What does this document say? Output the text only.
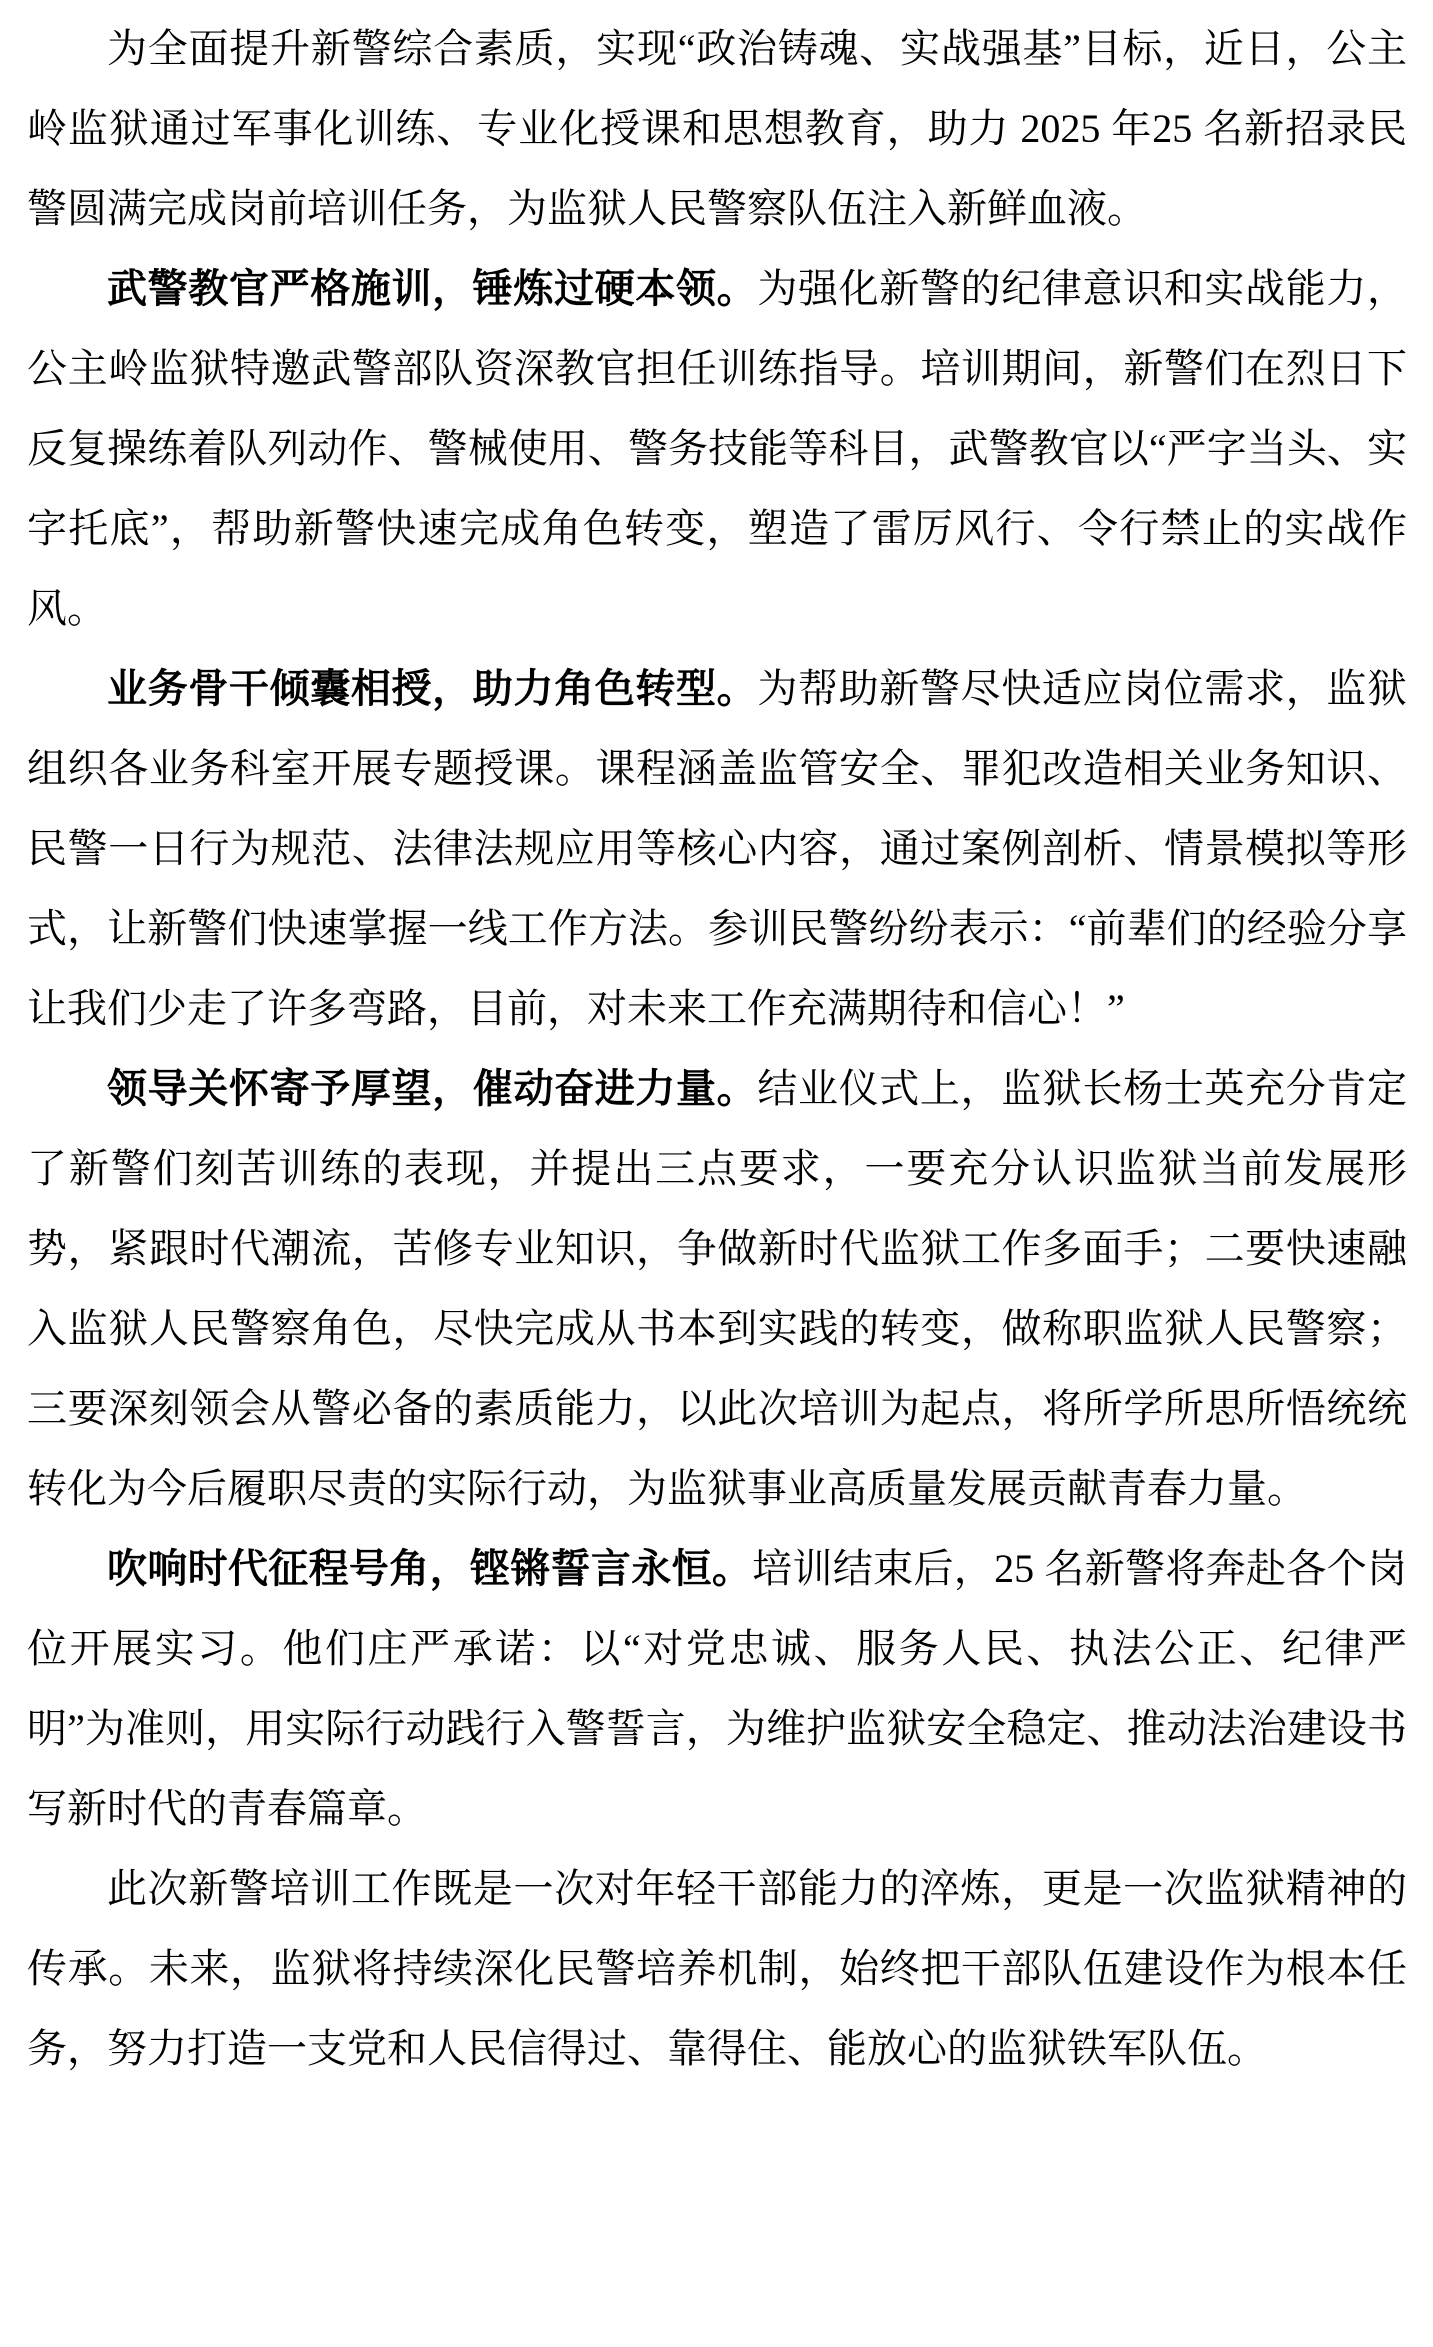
为全面提升新警综合素质，实现“政治铸魂、实战强基”目标，近日，公主岭监狱通过军事化训练、专业化授课和思想教育，助力 2025 年25 名新招录民警圆满完成岗前培训任务，为监狱人民警察队伍注入新鲜血液。

武警教官严格施训，锤炼过硬本领。为强化新警的纪律意识和实战能力，公主岭监狱特邀武警部队资深教官担任训练指导。培训期间，新警们在烈日下反复操练着队列动作、警械使用、警务技能等科目，武警教官以“严字当头、实字托底”，帮助新警快速完成角色转变，塑造了雷厉风行、令行禁止的实战作风。

业务骨干倾囊相授，助力角色转型。为帮助新警尽快适应岗位需求，监狱组织各业务科室开展专题授课。课程涵盖监管安全、罪犯改造相关业务知识、民警一日行为规范、法律法规应用等核心内容，通过案例剖析、情景模拟等形式，让新警们快速掌握一线工作方法。参训民警纷纷表示：“前辈们的经验分享让我们少走了许多弯路，目前，对未来工作充满期待和信心！”

领导关怀寄予厚望，催动奋进力量。结业仪式上，监狱长杨士英充分肯定了新警们刻苦训练的表现，并提出三点要求，一要充分认识监狱当前发展形势，紧跟时代潮流，苦修专业知识，争做新时代监狱工作多面手；二要快速融入监狱人民警察角色，尽快完成从书本到实践的转变，做称职监狱人民警察；三要深刻领会从警必备的素质能力，以此次培训为起点，将所学所思所悟统统转化为今后履职尽责的实际行动，为监狱事业高质量发展贡献青春力量。

吹响时代征程号角，铿锵誓言永恒。培训结束后，25 名新警将奔赴各个岗位开展实习。他们庄严承诺：以“对党忠诚、服务人民、执法公正、纪律严明”为准则，用实际行动践行入警誓言，为维护监狱安全稳定、推动法治建设书写新时代的青春篇章。

此次新警培训工作既是一次对年轻干部能力的淬炼，更是一次监狱精神的传承。未来，监狱将持续深化民警培养机制，始终把干部队伍建设作为根本任务，努力打造一支党和人民信得过、靠得住、能放心的监狱铁军队伍。
